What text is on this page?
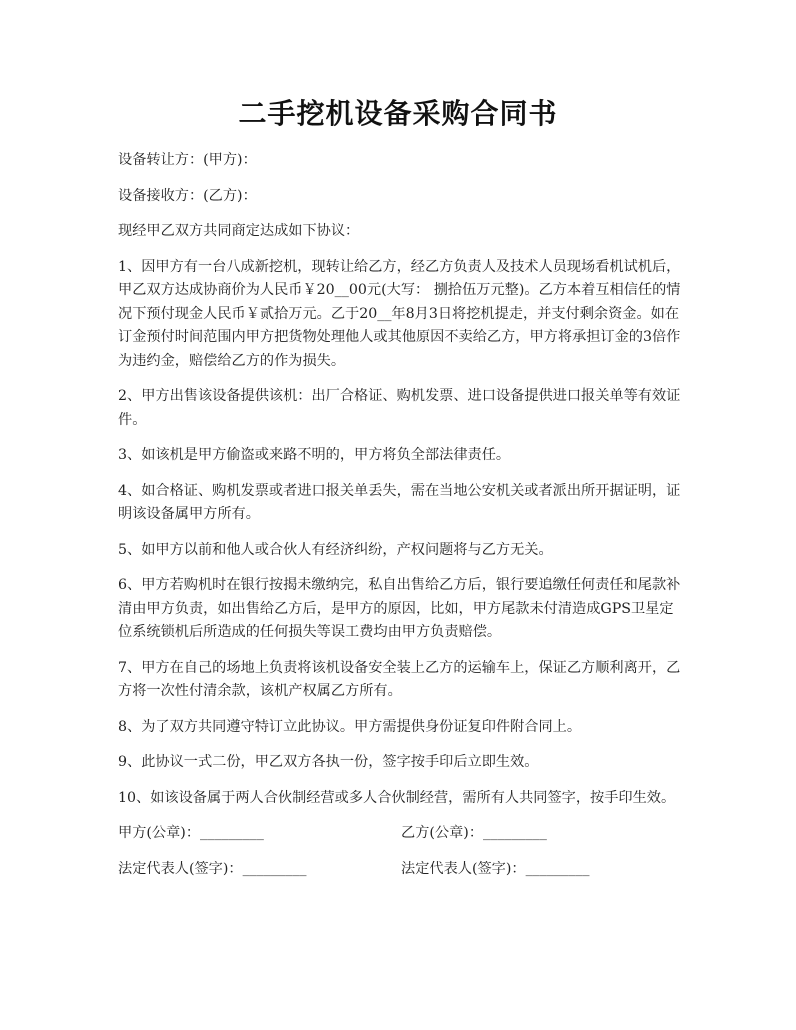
二手挖机设备采购合同书

设备转让方：(甲方)：

设备接收方：(乙方)：

现经甲乙双方共同商定达成如下协议：

1、因甲方有一台八成新挖机，现转让给乙方，经乙方负责人及技术人员现场看机试机后，甲乙双方达成协商价为人民币￥20__00元(大写： 捌拾伍万元整)。乙方本着互相信任的情况下预付现金人民币￥贰拾万元。乙于20__年8月3日将挖机提走，并支付剩余资金。如在订金预付时间范围内甲方把货物处理他人或其他原因不卖给乙方，甲方将承担订金的3倍作为违约金，赔偿给乙方的作为损失。

2、甲方出售该设备提供该机：出厂合格证、购机发票、进口设备提供进口报关单等有效证件。

3、如该机是甲方偷盗或来路不明的，甲方将负全部法律责任。

4、如合格证、购机发票或者进口报关单丢失，需在当地公安机关或者派出所开据证明，证明该设备属甲方所有。

5、如甲方以前和他人或合伙人有经济纠纷，产权问题将与乙方无关。

6、甲方若购机时在银行按揭未缴纳完，私自出售给乙方后，银行要追缴任何责任和尾款补清由甲方负责，如出售给乙方后，是甲方的原因，比如，甲方尾款未付清造成GPS卫星定位系统锁机后所造成的任何损失等误工费均由甲方负责赔偿。

7、甲方在自己的场地上负责将该机设备安全装上乙方的运输车上，保证乙方顺利离开，乙方将一次性付清余款，该机产权属乙方所有。

8、为了双方共同遵守特订立此协议。甲方需提供身份证复印件附合同上。

9、此协议一式二份，甲乙双方各执一份，签字按手印后立即生效。

10、如该设备属于两人合伙制经营或多人合伙制经营，需所有人共同签字，按手印生效。

甲方(公章)：_________	乙方(公章)：_________
法定代表人(签字)：_________	法定代表人(签字)：_________
